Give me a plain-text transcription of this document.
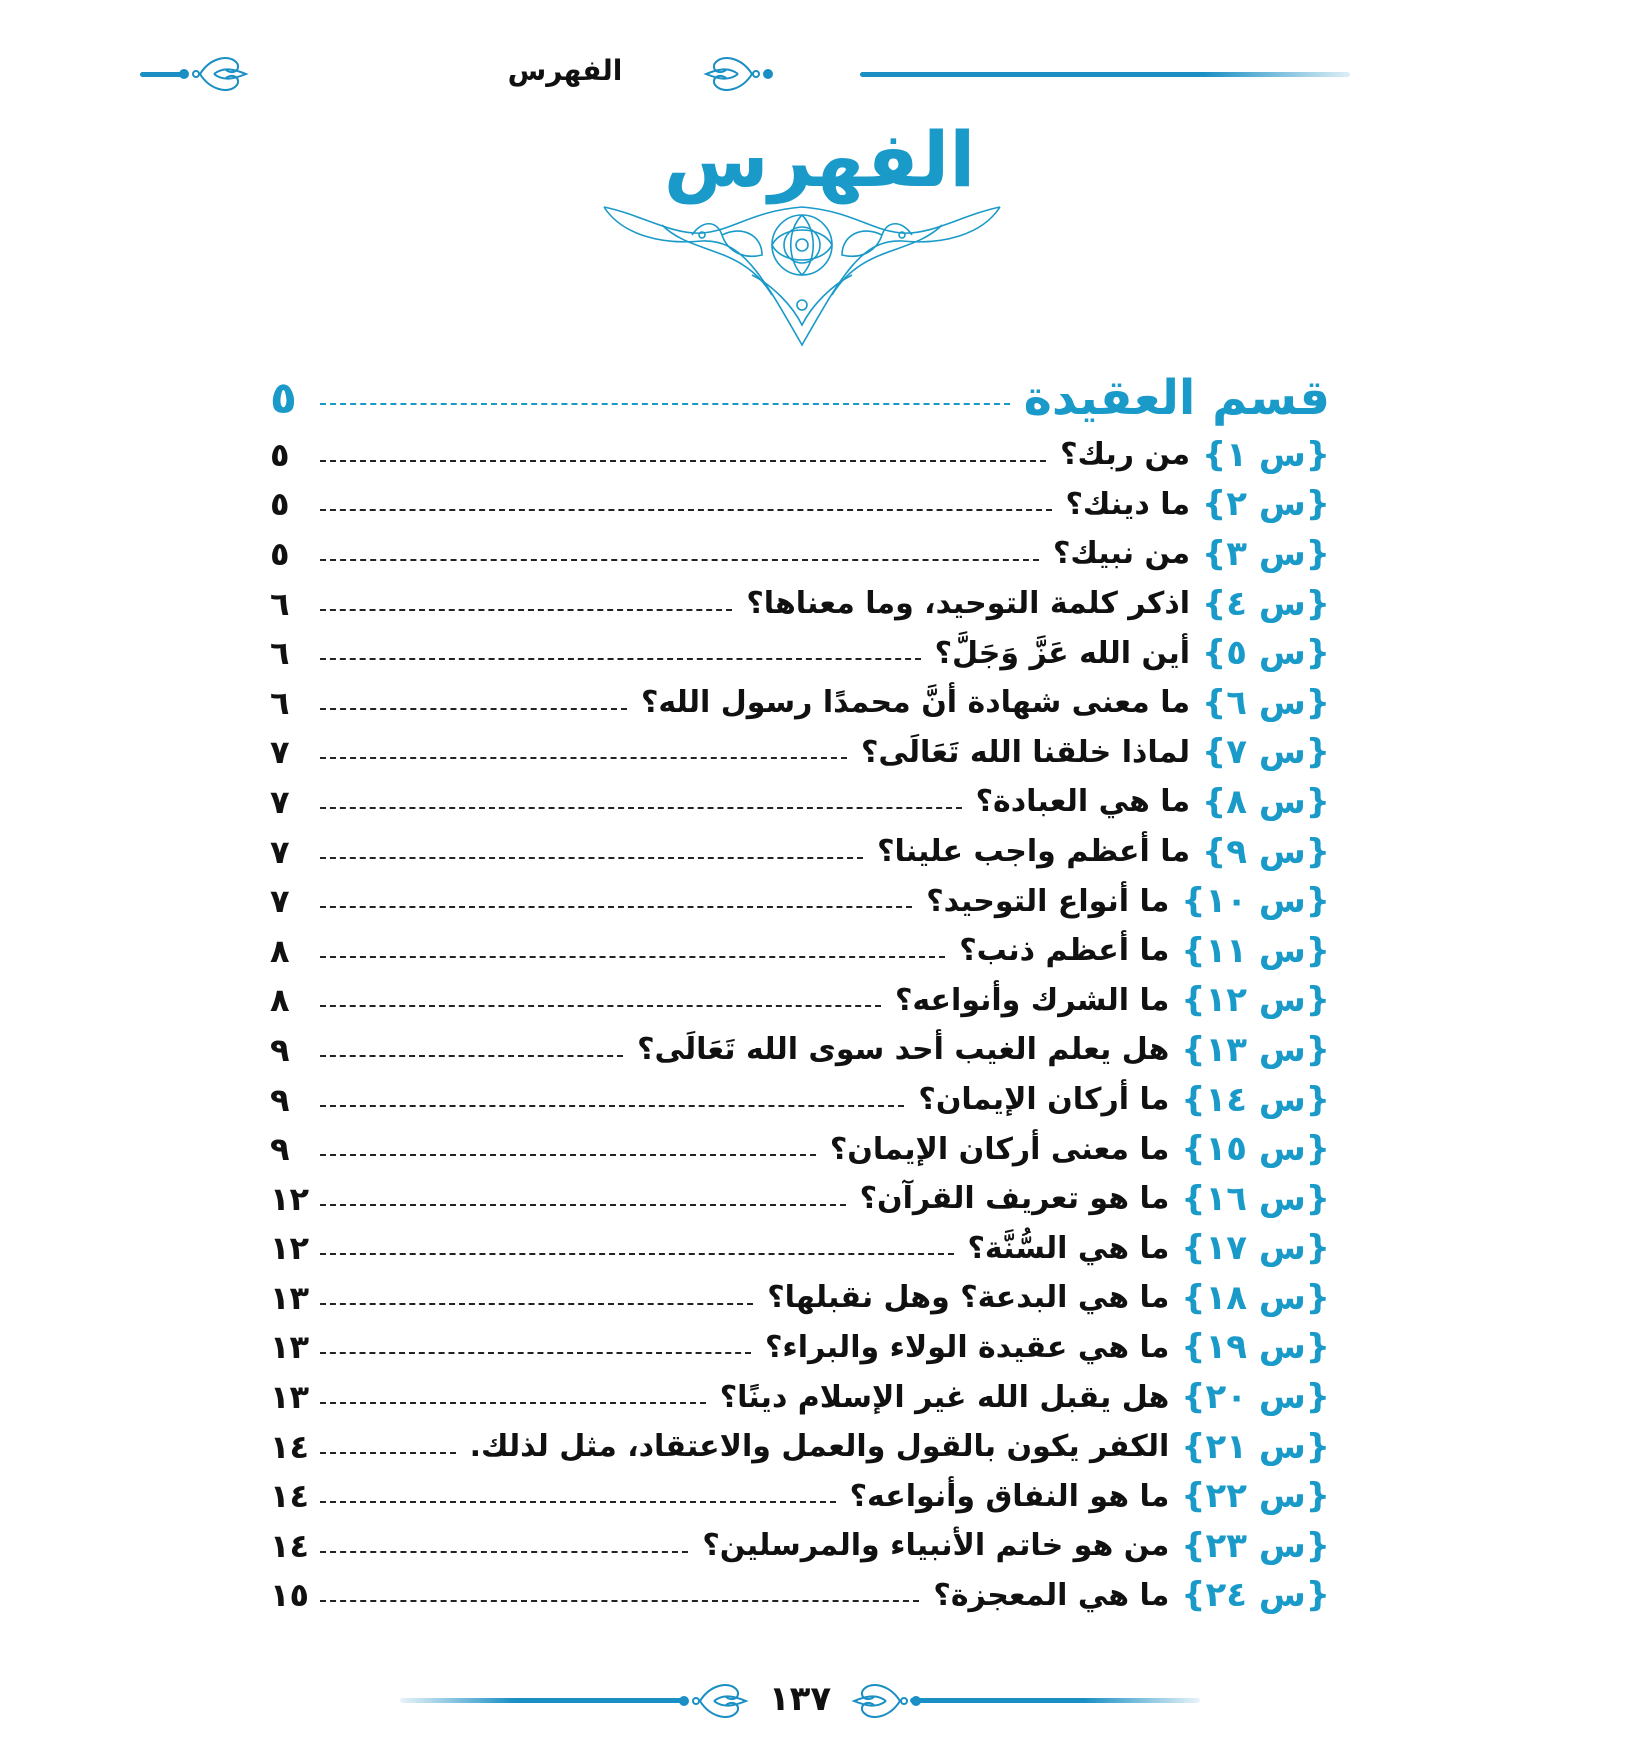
الفهرس
الفهرس
قسم العقيدة
٥
{س ١}
من ربك؟
٥
{س ٢}
ما دينك؟
٥
{س ٣}
من نبيك؟
٥
{س ٤}
اذكر كلمة التوحيد، وما معناها؟
٦
{س ٥}
أين الله عَزَّ وَجَلَّ؟
٦
{س ٦}
ما معنى شهادة أنَّ محمدًا رسول الله؟
٦
{س ٧}
لماذا خلقنا الله تَعَالَى؟
٧
{س ٨}
ما هي العبادة؟
٧
{س ٩}
ما أعظم واجب علينا؟
٧
{س ١٠}
ما أنواع التوحيد؟
٧
{س ١١}
ما أعظم ذنب؟
٨
{س ١٢}
ما الشرك وأنواعه؟
٨
{س ١٣}
هل يعلم الغيب أحد سوى الله تَعَالَى؟
٩
{س ١٤}
ما أركان الإيمان؟
٩
{س ١٥}
ما معنى أركان الإيمان؟
٩
{س ١٦}
ما هو تعريف القرآن؟
١٢
{س ١٧}
ما هي السُّنَّة؟
١٢
{س ١٨}
ما هي البدعة؟ وهل نقبلها؟
١٣
{س ١٩}
ما هي عقيدة الولاء والبراء؟
١٣
{س ٢٠}
هل يقبل الله غير الإسلام دينًا؟
١٣
{س ٢١}
الكفر يكون بالقول والعمل والاعتقاد، مثل لذلك.
١٤
{س ٢٢}
ما هو النفاق وأنواعه؟
١٤
{س ٢٣}
من هو خاتم الأنبياء والمرسلين؟
١٤
{س ٢٤}
ما هي المعجزة؟
١٥
١٣٧
